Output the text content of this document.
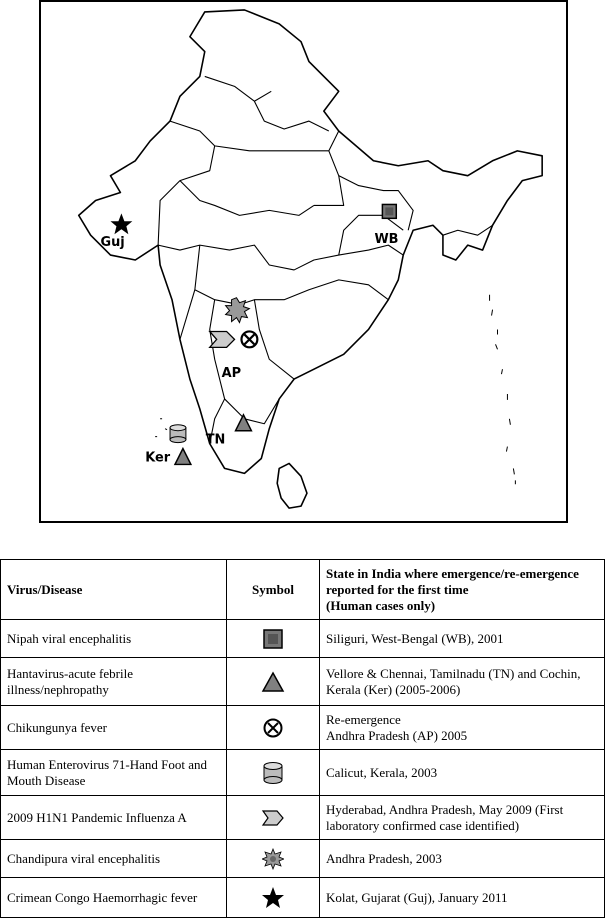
Guj	WB
AP
TN
Ker
Virus/Disease	Symbol	State in India where emergence/re-emergence
reported for the first time
(Human cases only)

Nipah viral encephalitis		Siliguri, West-Bengal (WB), 2001
Hantavirus-acute febrile illness/nephropathy		Vellore & Chennai, Tamilnadu (TN) and Cochin, Kerala (Ker) (2005-2006)
Chikungunya fever		Re-emergence
Andhra Pradesh (AP) 2005

Human Enterovirus 71-Hand Foot and Mouth Disease		Calicut, Kerala, 2003
2009 H1N1 Pandemic Influenza A		Hyderabad, Andhra Pradesh, May 2009 (First laboratory confirmed case identified)
Chandipura viral encephalitis		Andhra Pradesh, 2003
Crimean Congo Haemorrhagic fever		Kolat, Gujarat (Guj), January 2011
